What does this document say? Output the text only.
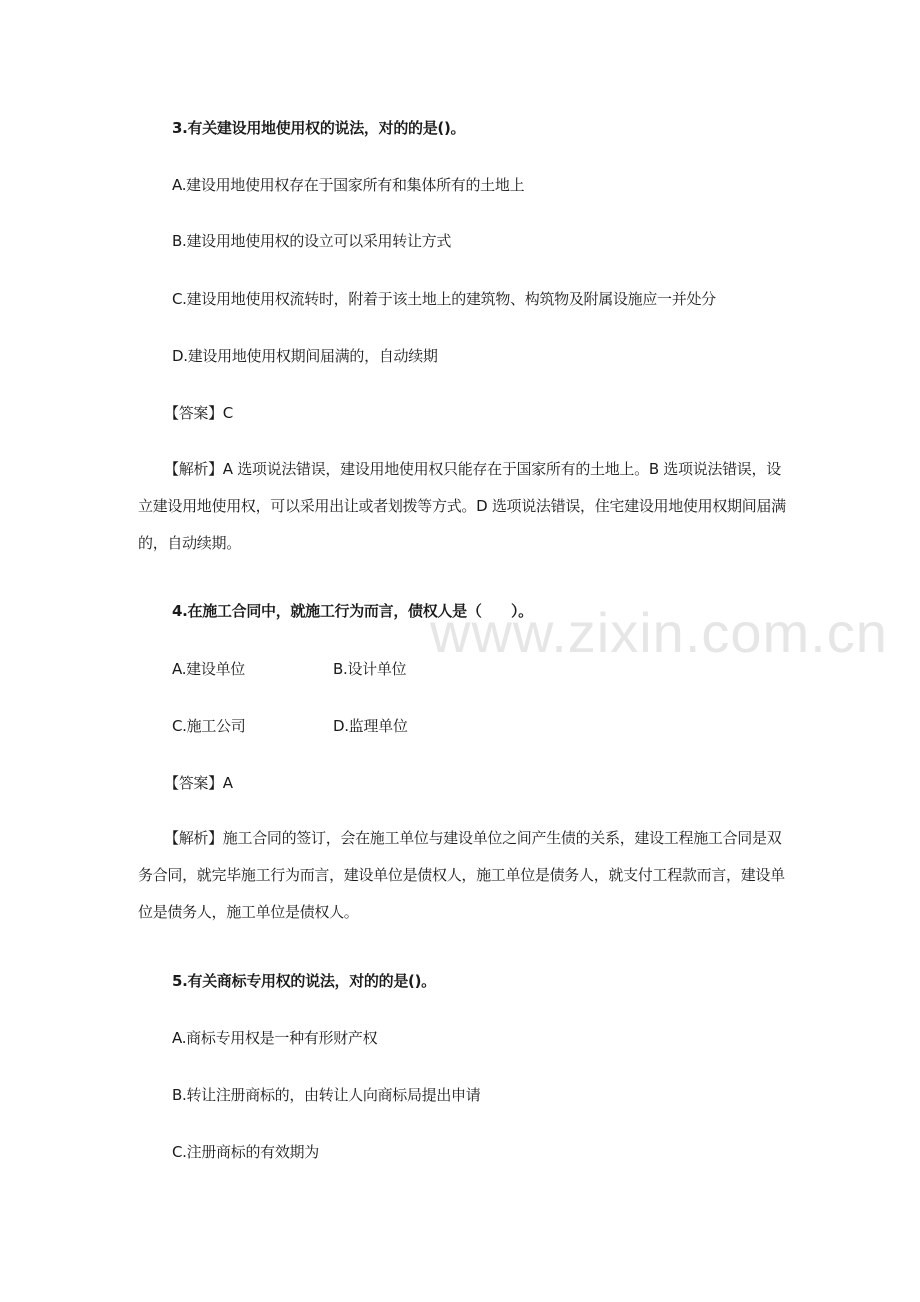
www.zixin.com.cn
3.有关建设用地使用权的说法，对的的是()。
A.建设用地使用权存在于国家所有和集体所有的土地上
B.建设用地使用权的设立可以采用转让方式
C.建设用地使用权流转时，附着于该土地上的建筑物、构筑物及附属设施应一并处分
D.建设用地使用权期间届满的，自动续期
【答案】C
【解析】A 选项说法错误，建设用地使用权只能存在于国家所有的土地上。B 选项说法错误，设立建设用地使用权，可以采用出让或者划拨等方式。D 选项说法错误，住宅建设用地使用权期间届满的，自动续期。
4.在施工合同中，就施工行为而言，债权人是（　　）。
A.建设单位	B.设计单位
C.施工公司	D.监理单位
【答案】A
【解析】施工合同的签订，会在施工单位与建设单位之间产生债的关系，建设工程施工合同是双务合同，就完毕施工行为而言，建设单位是债权人，施工单位是债务人，就支付工程款而言，建设单位是债务人，施工单位是债权人。
5.有关商标专用权的说法，对的的是()。
A.商标专用权是一种有形财产权
B.转让注册商标的，由转让人向商标局提出申请
C.注册商标的有效期为
